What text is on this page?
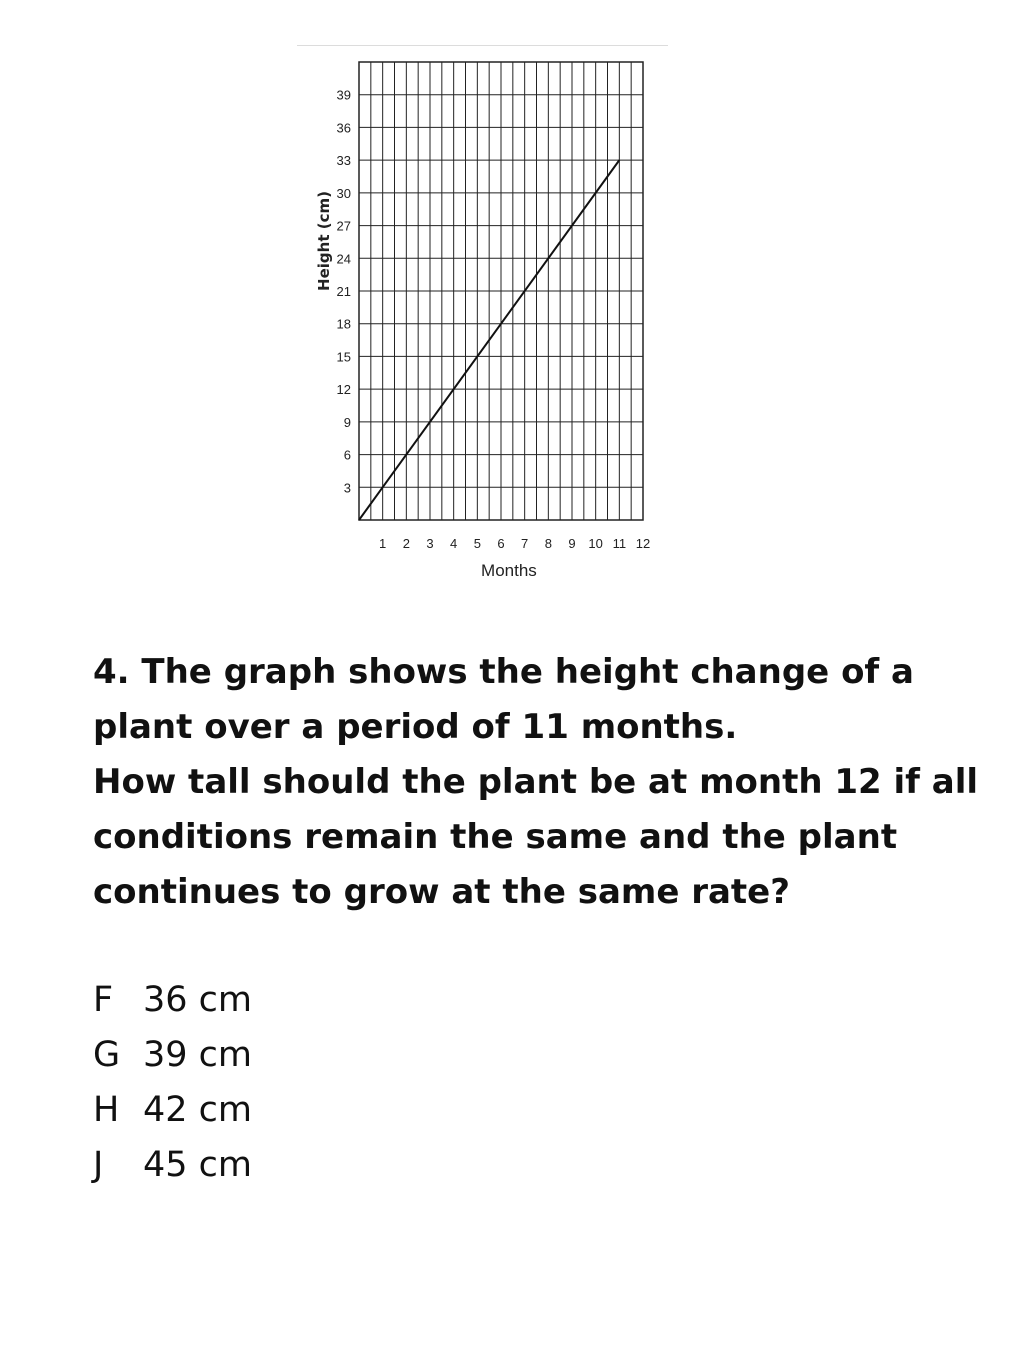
3
6
9
12
15
18
21
24
27
30
33
36
39
1 2 3 4 5 6 7 8 9 10 11 12
Months
Height (cm)

4. The graph shows the height change of a plant over a period of 11 months.

How tall should the plant be at month 12 if all conditions remain the same and the plant continues to grow at the same rate?

F 36 cm
G 39 cm
H 42 cm
J	45 cm
